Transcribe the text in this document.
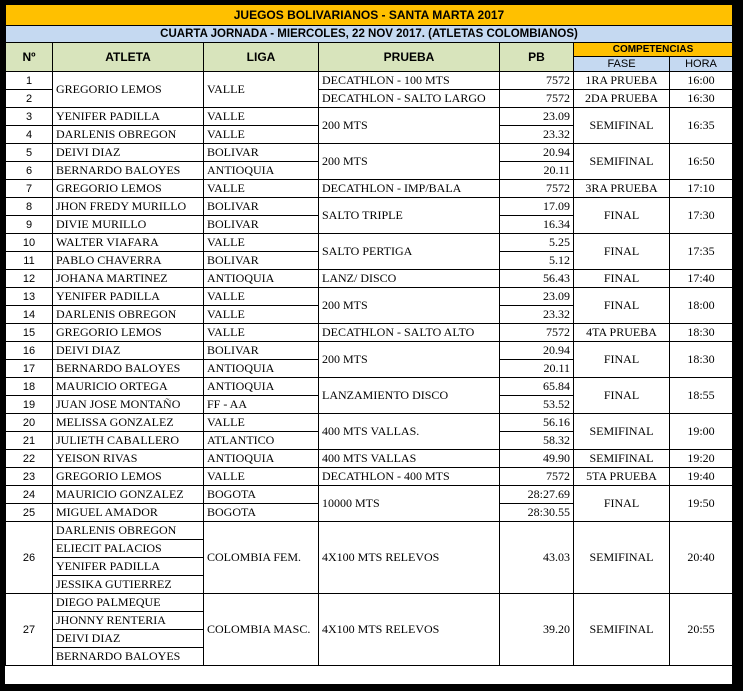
JUEGOS BOLIVARIANOS - SANTA MARTA 2017						
CUARTA JORNADA - MIERCOLES, 22 NOV 2017. (ATLETAS COLOMBIANOS)						
Nº	ATLETA	LIGA	PRUEBA	PB	COMPETENCIAS	
					FASE	HORA
1	GREGORIO LEMOS	VALLE	DECATHLON - 100 MTS	7572	1RA PRUEBA	16:00
2			DECATHLON - SALTO LARGO	7572	2DA PRUEBA	16:30
3	YENIFER PADILLA	VALLE	200 MTS	23.09	SEMIFINAL	16:35
4	DARLENIS OBREGON	VALLE		23.32		
5	DEIVI DIAZ	BOLIVAR	200 MTS	20.94	SEMIFINAL	16:50
6	BERNARDO BALOYES	ANTIOQUIA		20.11		
7	GREGORIO LEMOS	VALLE	DECATHLON - IMP/BALA	7572	3RA PRUEBA	17:10
8	JHON FREDY MURILLO	BOLIVAR	SALTO TRIPLE	17.09	FINAL	17:30
9	DIVIE MURILLO	BOLIVAR		16.34		
10	WALTER VIAFARA	VALLE	SALTO PERTIGA	5.25	FINAL	17:35
11	PABLO CHAVERRA	BOLIVAR		5.12		
12	JOHANA MARTINEZ	ANTIOQUIA	LANZ/ DISCO	56.43	FINAL	17:40
13	YENIFER PADILLA	VALLE	200 MTS	23.09	FINAL	18:00
14	DARLENIS OBREGON	VALLE		23.32		
15	GREGORIO LEMOS	VALLE	DECATHLON - SALTO ALTO	7572	4TA PRUEBA	18:30
16	DEIVI DIAZ	BOLIVAR	200 MTS	20.94	FINAL	18:30
17	BERNARDO BALOYES	ANTIOQUIA		20.11		
18	MAURICIO ORTEGA	ANTIOQUIA	LANZAMIENTO DISCO	65.84	FINAL	18:55
19	JUAN JOSE MONTAÑO	FF - AA		53.52		
20	MELISSA GONZALEZ	VALLE	400 MTS VALLAS.	56.16	SEMIFINAL	19:00
21	JULIETH CABALLERO	ATLANTICO		58.32		
22	YEISON RIVAS	ANTIOQUIA	400 MTS VALLAS	49.90	SEMIFINAL	19:20
23	GREGORIO LEMOS	VALLE	DECATHLON - 400 MTS	7572	5TA PRUEBA	19:40
24	MAURICIO GONZALEZ	BOGOTA	10000 MTS	28:27.69	FINAL	19:50
25	MIGUEL AMADOR	BOGOTA		28:30.55		
26	DARLENIS OBREGON	COLOMBIA FEM.	4X100 MTS RELEVOS	43.03	SEMIFINAL	20:40
	ELIECIT PALACIOS					
	YENIFER PADILLA					
	JESSIKA GUTIERREZ					
27	DIEGO PALMEQUE	COLOMBIA MASC.	4X100 MTS RELEVOS	39.20	SEMIFINAL	20:55
	JHONNY RENTERIA					
	DEIVI DIAZ					
	BERNARDO BALOYES					
